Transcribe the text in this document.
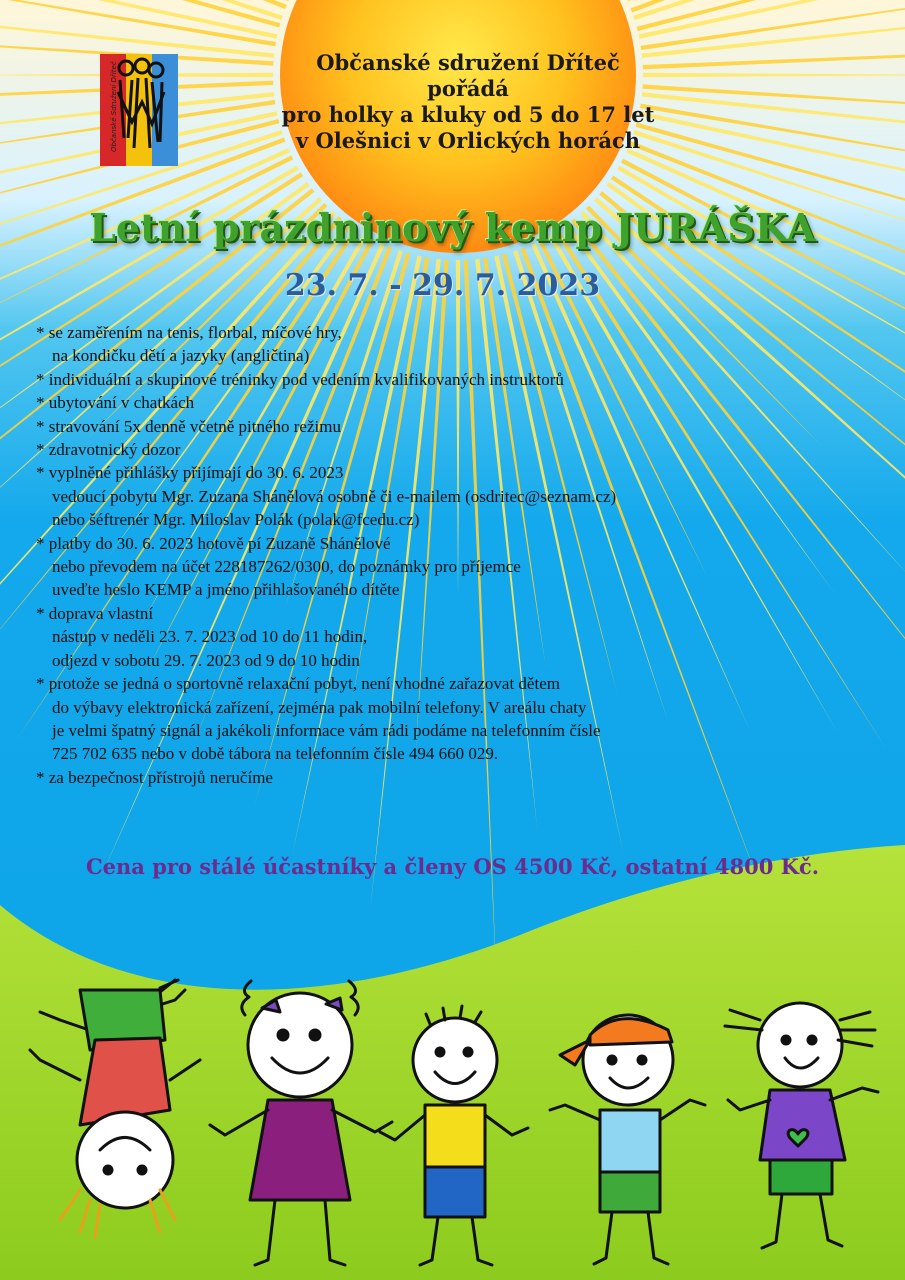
Občanské Sdružení Dříteč	Občanské sdružení Dříteč
pořádá
pro holky a kluky od 5 do 17 let
v Olešnici v Orlických horách
Letní prázdninový kemp JURÁŠKA
23. 7. - 29. 7. 2023
* se zaměřením na tenis, florbal, míčové hry,
na kondičku dětí a jazyky (angličtina)
* individuální a skupinové tréninky pod vedením kvalifikovaných instruktorů
* ubytování v chatkách
* stravování 5x denně včetně pitného režimu
* zdravotnický dozor
* vyplněné přihlášky přijímají do 30. 6. 2023
vedoucí pobytu Mgr. Zuzana Shánělová osobně či e-mailem (osdritec@seznam.cz)
nebo šéftrenér Mgr. Miloslav Polák (polak@fcedu.cz)
* platby do 30. 6. 2023 hotově pí Zuzaně Shánělové
nebo převodem na účet 228187262/0300, do poznámky pro příjemce
uveďte heslo KEMP a jméno přihlašovaného dítěte
* doprava vlastní
nástup v neděli 23. 7. 2023 od 10 do 11 hodin,
odjezd v sobotu 29. 7. 2023 od 9 do 10 hodin
* protože se jedná o sportovně relaxační pobyt, není vhodné zařazovat dětem
do výbavy elektronická zařízení, zejména pak mobilní telefony. V areálu chaty
je velmi špatný signál a jakékoli informace vám rádi podáme na telefonním čísle
725 702 635 nebo v době tábora na telefonním čísle 494 660 029.
* za bezpečnost přístrojů neručíme
Cena pro stálé účastníky a členy OS 4500 Kč, ostatní 4800 Kč.
